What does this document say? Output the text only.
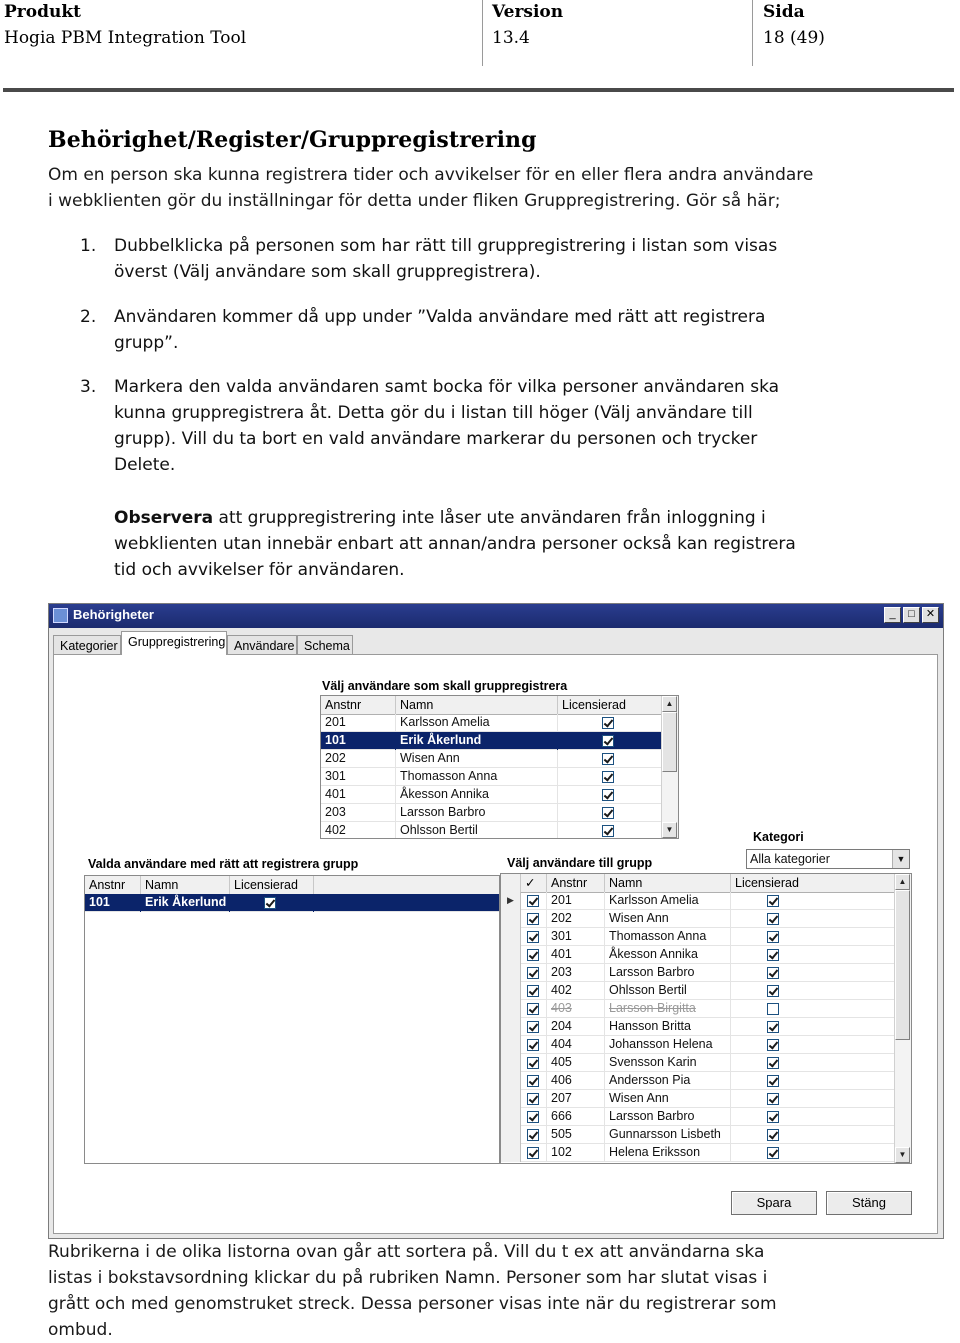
Produkt
Hogia PBM Integration Tool
Version
13.4
Sida
18 (49)
Behörighet/Register/Gruppregistrering
Om en person ska kunna registrera tider och avvikelser för en eller flera andra användare
i webklienten gör du inställningar för detta under fliken Gruppregistrering. Gör så här;
1. Dubbelklicka på personen som har rätt till gruppregistrering i listan som visas
överst (Välj användare som skall gruppregistrera).
2. Användaren kommer då upp under ”Valda användare med rätt att registrera
grupp”.
3. Markera den valda användaren samt bocka för vilka personer användaren ska
kunna gruppregistrera åt. Detta gör du i listan till höger (Välj användare till
grupp). Vill du ta bort en vald användare markerar du personen och trycker
Delete.
Observera att gruppregistrering inte låser ute användaren från inloggning i
webklienten utan innebär enbart att annan/andra personer också kan registrera
tid och avvikelser för användaren.
Behörigheter	_	□	✕
Kategorier Gruppregistrering Användare Schema
Välj användare som skall gruppregistrera
Anstnr	Namn	Licensierad
201	Karlsson Amelia
101	Erik Åkerlund
202	Wisen Ann
301	Thomasson Anna
401	Åkesson Annika
203	Larsson Barbro
402	Ohlsson Bertil
▲
▼
Kategori
Alla kategorier	▼
Valda användare med rätt att registrera grupp
Anstnr	Namn	Licensierad
101	Erik Åkerlund
Välj användare till grupp
✓	Anstnr	Namn	Licensierad
▶	201	Karlsson Amelia
202	Wisen Ann
301	Thomasson Anna
401	Åkesson Annika
203	Larsson Barbro
402	Ohlsson Bertil
403	Larsson Birgitta
204	Hansson Britta
404	Johansson Helena
405	Svensson Karin
406	Andersson Pia
207	Wisen Ann
666	Larsson Barbro
505	Gunnarsson Lisbeth
102	Helena Eriksson
▲
▼
Spara	Stäng
Rubrikerna i de olika listorna ovan går att sortera på. Vill du t ex att användarna ska
listas i bokstavsordning klickar du på rubriken Namn. Personer som har slutat visas i
grått och med genomstruket streck. Dessa personer visas inte när du registrerar som
ombud.
